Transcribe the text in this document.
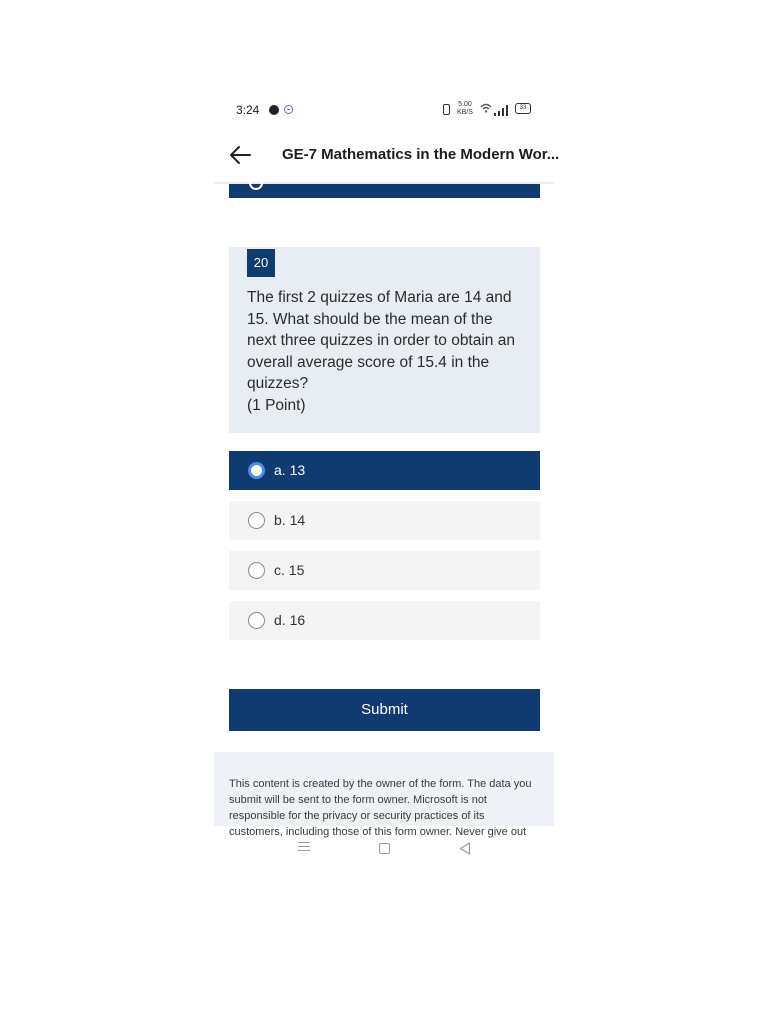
3:24	5.00
KB/S
33
GE-7 Mathematics in the Modern Wor...
20
The first 2 quizzes of Maria are 14 and 15. What should be the mean of the next three quizzes in order to obtain an overall average score of 15.4 in the quizzes?
(1 Point)
a. 13
b. 14
c. 15
d. 16
Submit
This content is created by the owner of the form. The data you submit will be sent to the form owner. Microsoft is not responsible for the privacy or security practices of its customers, including those of this form owner. Never give out
